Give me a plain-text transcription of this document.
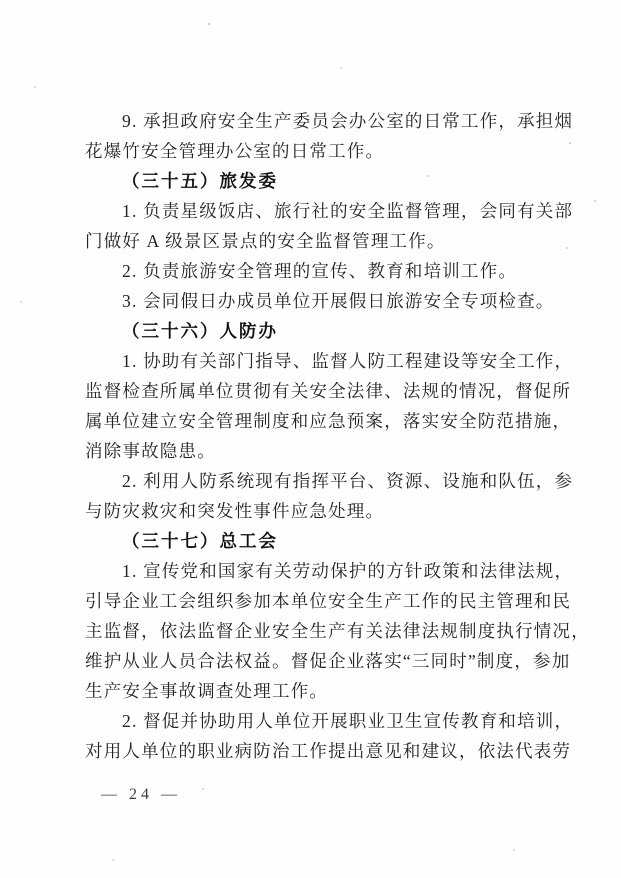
9. 承担政府安全生产委员会办公室的日常工作，承担烟
花爆竹安全管理办公室的日常工作。
（三十五）旅发委
1. 负责星级饭店、旅行社的安全监督管理，会同有关部
门做好 A 级景区景点的安全监督管理工作。
2. 负责旅游安全管理的宣传、教育和培训工作。
3. 会同假日办成员单位开展假日旅游安全专项检查。
（三十六）人防办
1. 协助有关部门指导、监督人防工程建设等安全工作，
监督检查所属单位贯彻有关安全法律、法规的情况，督促所
属单位建立安全管理制度和应急预案，落实安全防范措施，
消除事故隐患。
2. 利用人防系统现有指挥平台、资源、设施和队伍，参
与防灾救灾和突发性事件应急处理。
（三十七）总工会
1. 宣传党和国家有关劳动保护的方针政策和法律法规，
引导企业工会组织参加本单位安全生产工作的民主管理和民
主监督，依法监督企业安全生产有关法律法规制度执行情况，
维护从业人员合法权益。督促企业落实“三同时”制度，参加
生产安全事故调查处理工作。
2. 督促并协助用人单位开展职业卫生宣传教育和培训，
对用人单位的职业病防治工作提出意见和建议，依法代表劳
— 24 —
